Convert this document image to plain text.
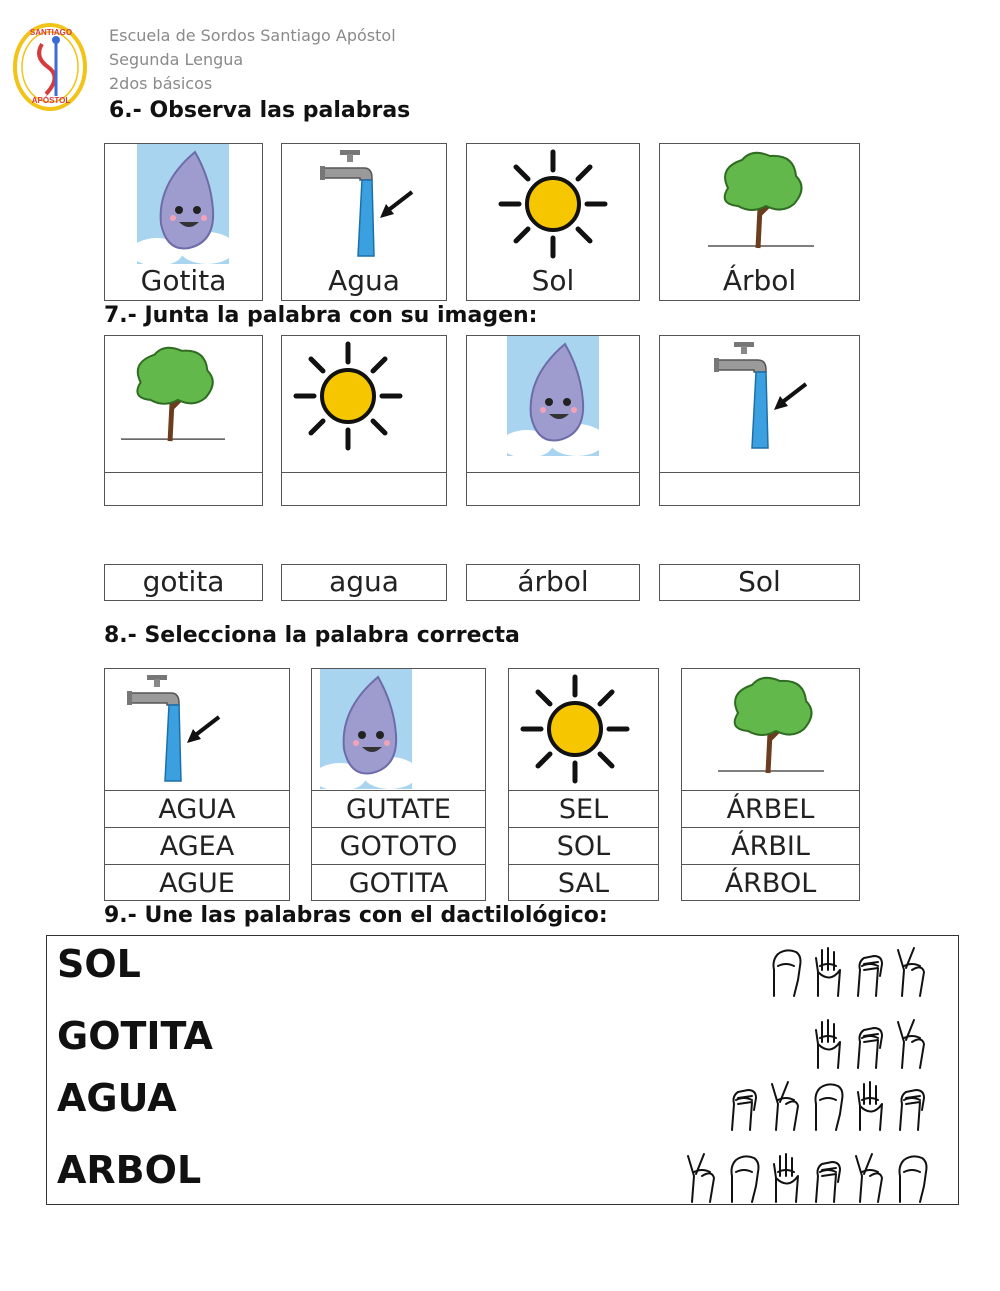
SANTIAGO
APÓSTOL
Escuela de Sordos Santiago Apóstol
Segunda Lengua
2dos básicos
6.- Observa las palabras
Gotita	Agua	Sol	Árbol
7.- Junta la palabra con su imagen:
gotita	agua	árbol	Sol
8.- Selecciona la palabra correcta
AGUA
AGEA
AGUE
GUTATE
GOTOTO
GOTITA
SEL
SOL
SAL
ÁRBEL
ÁRBIL
ÁRBOL
9.- Une las palabras con el dactilológico:
SOL
GOTITA
AGUA
ARBOL
